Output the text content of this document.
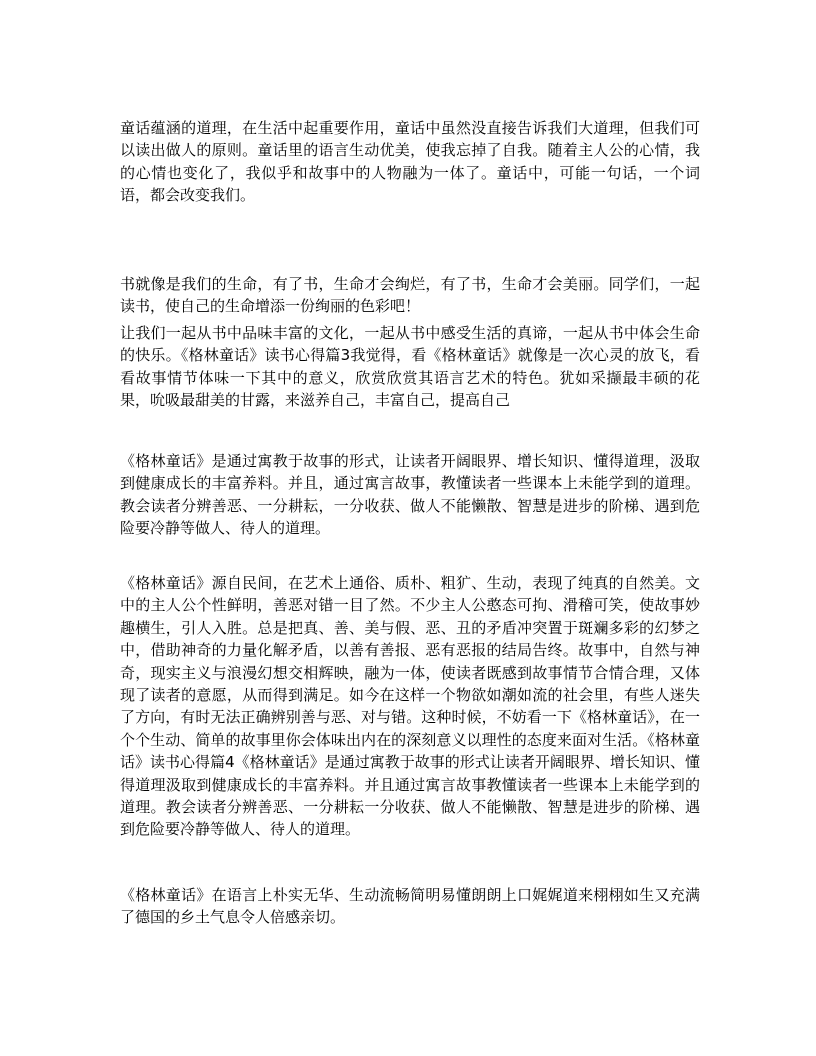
童话蕴涵的道理，在生活中起重要作用，童话中虽然没直接告诉我们大道理，但我们可以读出做人的原则。童话里的语言生动优美，使我忘掉了自我。随着主人公的心情，我的心情也变化了，我似乎和故事中的人物融为一体了。童话中，可能一句话，一个词语，都会改变我们。

书就像是我们的生命，有了书，生命才会绚烂，有了书，生命才会美丽。同学们，一起读书，使自己的生命增添一份绚丽的色彩吧！

让我们一起从书中品味丰富的文化，一起从书中感受生活的真谛，一起从书中体会生命的快乐。《格林童话》读书心得篇3我觉得，看《格林童话》就像是一次心灵的放飞，看看故事情节体味一下其中的意义，欣赏欣赏其语言艺术的特色。犹如采撷最丰硕的花果，吮吸最甜美的甘露，来滋养自己，丰富自己，提高自己

《格林童话》是通过寓教于故事的形式，让读者开阔眼界、增长知识、懂得道理，汲取到健康成长的丰富养料。并且，通过寓言故事，教懂读者一些课本上未能学到的道理。教会读者分辨善恶、一分耕耘，一分收获、做人不能懒散、智慧是进步的阶梯、遇到危险要冷静等做人、待人的道理。

《格林童话》源自民间，在艺术上通俗、质朴、粗犷、生动，表现了纯真的自然美。文中的主人公个性鲜明，善恶对错一目了然。不少主人公憨态可拘、滑稽可笑，使故事妙趣横生，引人入胜。总是把真、善、美与假、恶、丑的矛盾冲突置于斑斓多彩的幻梦之中，借助神奇的力量化解矛盾，以善有善报、恶有恶报的结局告终。故事中，自然与神奇，现实主义与浪漫幻想交相辉映，融为一体，使读者既感到故事情节合情合理，又体现了读者的意愿，从而得到满足。如今在这样一个物欲如潮如流的社会里，有些人迷失了方向，有时无法正确辨别善与恶、对与错。这种时候，不妨看一下《格林童话》，在一个个生动、简单的故事里你会体味出内在的深刻意义以理性的态度来面对生活。《格林童话》读书心得篇4《格林童话》是通过寓教于故事的形式让读者开阔眼界、增长知识、懂得道理汲取到健康成长的丰富养料。并且通过寓言故事教懂读者一些课本上未能学到的道理。教会读者分辨善恶、一分耕耘一分收获、做人不能懒散、智慧是进步的阶梯、遇到危险要冷静等做人、待人的道理。

《格林童话》在语言上朴实无华、生动流畅简明易懂朗朗上口娓娓道来栩栩如生又充满了德国的乡土气息令人倍感亲切。
